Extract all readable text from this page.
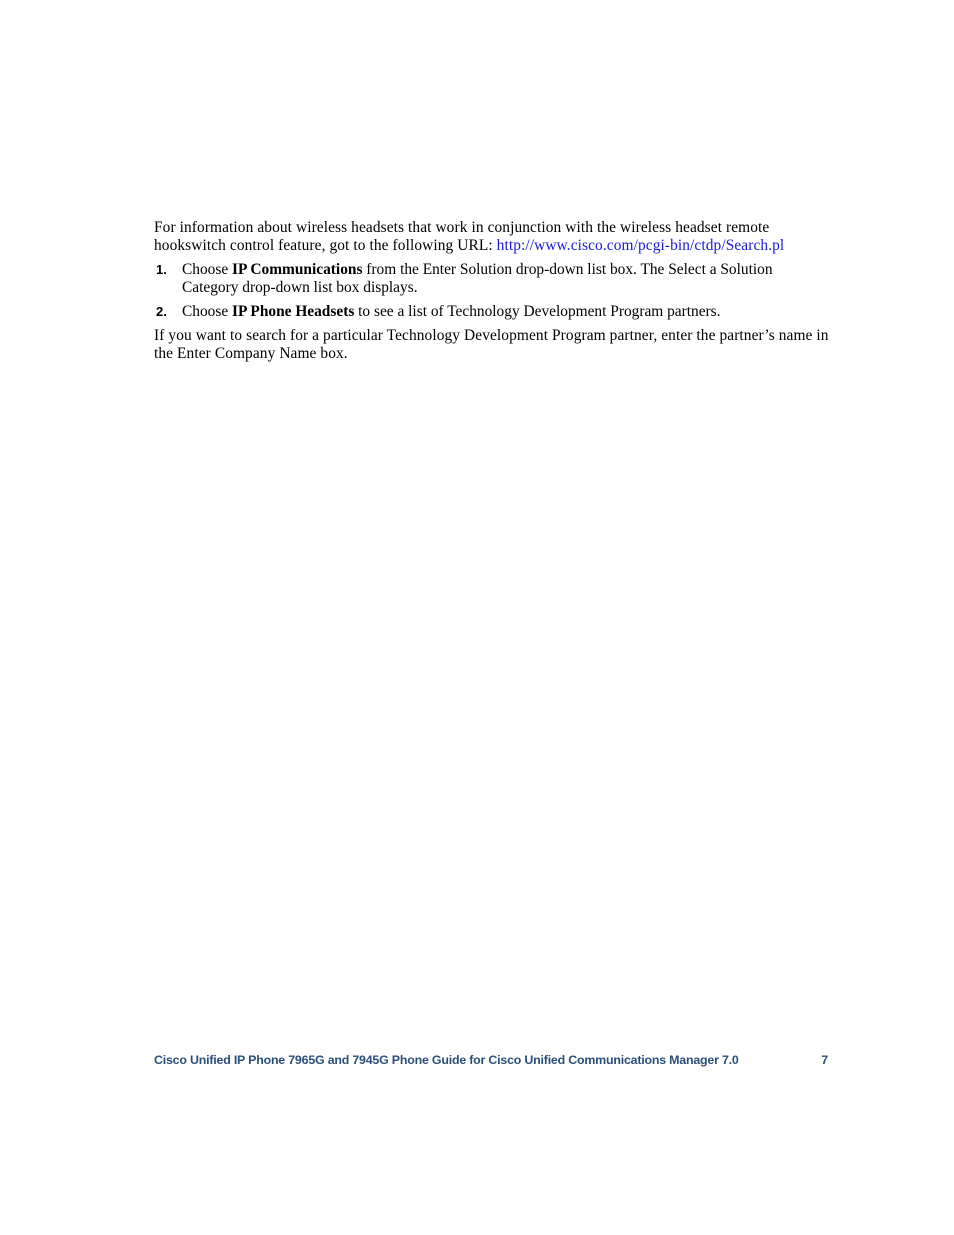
For information about wireless headsets that work in conjunction with the wireless headset remote hookswitch control feature, got to the following URL: http://www.cisco.com/pcgi-bin/ctdp/Search.pl

1. Choose IP Communications from the Enter Solution drop-down list box. The Select a Solution Category drop-down list box displays.
2. Choose IP Phone Headsets to see a list of Technology Development Program partners.

If you want to search for a particular Technology Development Program partner, enter the partner’s name in the Enter Company Name box.

Cisco Unified IP Phone 7965G and 7945G Phone Guide for Cisco Unified Communications Manager 7.0	7
